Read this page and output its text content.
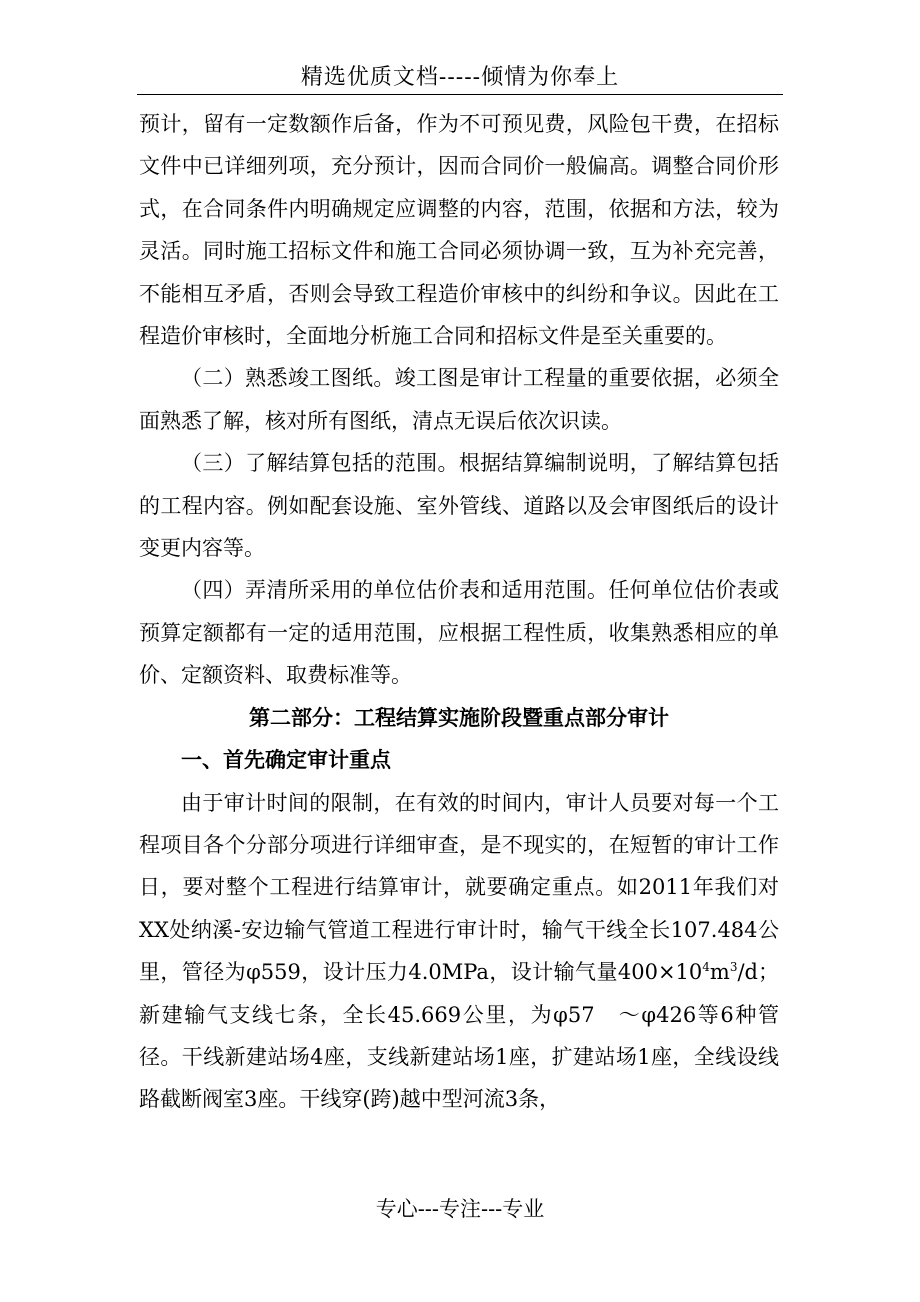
精选优质文档-----倾情为你奉上

预计，留有一定数额作后备，作为不可预见费，风险包干费，在招标文件中已详细列项，充分预计，因而合同价一般偏高。调整合同价形式，在合同条件内明确规定应调整的内容，范围，依据和方法，较为灵活。同时施工招标文件和施工合同必须协调一致，互为补充完善，不能相互矛盾，否则会导致工程造价审核中的纠纷和争议。因此在工程造价审核时，全面地分析施工合同和招标文件是至关重要的。

（二）熟悉竣工图纸。竣工图是审计工程量的重要依据，必须全面熟悉了解，核对所有图纸，清点无误后依次识读。

（三）了解结算包括的范围。根据结算编制说明，了解结算包括的工程内容。例如配套设施、室外管线、道路以及会审图纸后的设计变更内容等。

（四）弄清所采用的单位估价表和适用范围。任何单位估价表或预算定额都有一定的适用范围，应根据工程性质，收集熟悉相应的单价、定额资料、取费标准等。

第二部分：工程结算实施阶段暨重点部分审计

一、首先确定审计重点

由于审计时间的限制，在有效的时间内，审计人员要对每一个工程项目各个分部分项进行详细审查，是不现实的，在短暂的审计工作日，要对整个工程进行结算审计，就要确定重点。如2011年我们对XX处纳溪-安边输气管道工程进行审计时，输气干线全长107.484公里，管径为φ559，设计压力4.0MPa，设计输气量$400\times 10^4m^3/d$；新建输气支线七条，全长45.669公里，为φ57　～φ426等6种管径。干线新建站场4座，支线新建站场1座，扩建站场1座，全线设线路截断阀室3座。干线穿(跨)越中型河流3条，

专心---专注---专业
